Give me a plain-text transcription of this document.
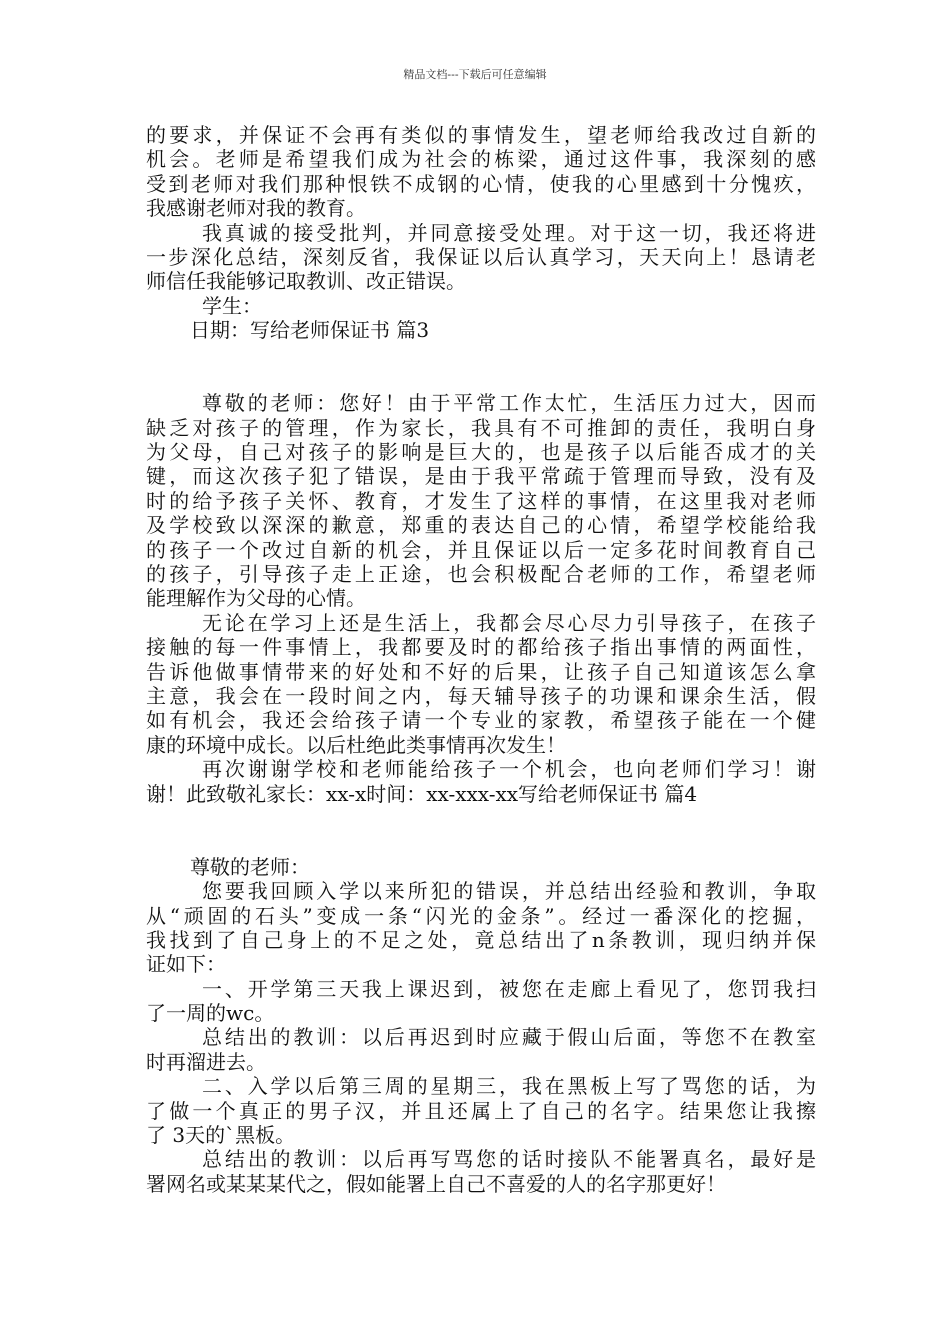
精品文档---下载后可任意编辑
的要求，并保证不会再有类似的事情发生，望老师给我改过自新的
机会。老师是希望我们成为社会的栋梁，通过这件事，我深刻的感
受到老师对我们那种恨铁不成钢的心情，使我的心里感到十分愧疚，
我感谢老师对我的教育。
我真诚的接受批判，并同意接受处理。对于这一切，我还将进
一步深化总结，深刻反省，我保证以后认真学习，天天向上！恳请老
师信任我能够记取教训、改正错误。
学生：
日期：写给老师保证书 篇3
尊敬的老师：您好！由于平常工作太忙，生活压力过大，因而
缺乏对孩子的管理，作为家长，我具有不可推卸的责任，我明白身
为父母，自己对孩子的影响是巨大的，也是孩子以后能否成才的关
键，而这次孩子犯了错误，是由于我平常疏于管理而导致，没有及
时的给予孩子关怀、教育，才发生了这样的事情，在这里我对老师
及学校致以深深的歉意，郑重的表达自己的心情，希望学校能给我
的孩子一个改过自新的机会，并且保证以后一定多花时间教育自己
的孩子，引导孩子走上正途，也会积极配合老师的工作，希望老师
能理解作为父母的心情。
无论在学习上还是生活上，我都会尽心尽力引导孩子，在孩子
接触的每一件事情上，我都要及时的都给孩子指出事情的两面性，
告诉他做事情带来的好处和不好的后果，让孩子自己知道该怎么拿
主意，我会在一段时间之内，每天辅导孩子的功课和课余生活，假
如有机会，我还会给孩子请一个专业的家教，希望孩子能在一个健
康的环境中成长。以后杜绝此类事情再次发生！
再次谢谢学校和老师能给孩子一个机会，也向老师们学习！谢
谢！此致敬礼家长：xx-x时间：xx-xxx-xx写给老师保证书 篇4
尊敬的老师：
您要我回顾入学以来所犯的错误，并总结出经验和教训，争取
从“顽固的石头”变成一条“闪光的金条”。经过一番深化的挖掘，
我找到了自己身上的不足之处，竟总结出了n条教训，现归纳并保
证如下：
一、开学第三天我上课迟到，被您在走廊上看见了，您罚我扫
了一周的wc。
总结出的教训：以后再迟到时应藏于假山后面，等您不在教室
时再溜进去。
二、入学以后第三周的星期三，我在黑板上写了骂您的话，为
了做一个真正的男子汉，并且还属上了自己的名字。结果您让我擦
了 3天的`黑板。
总结出的教训：以后再写骂您的话时接队不能署真名，最好是
署网名或某某某代之，假如能署上自己不喜爱的人的名字那更好！
